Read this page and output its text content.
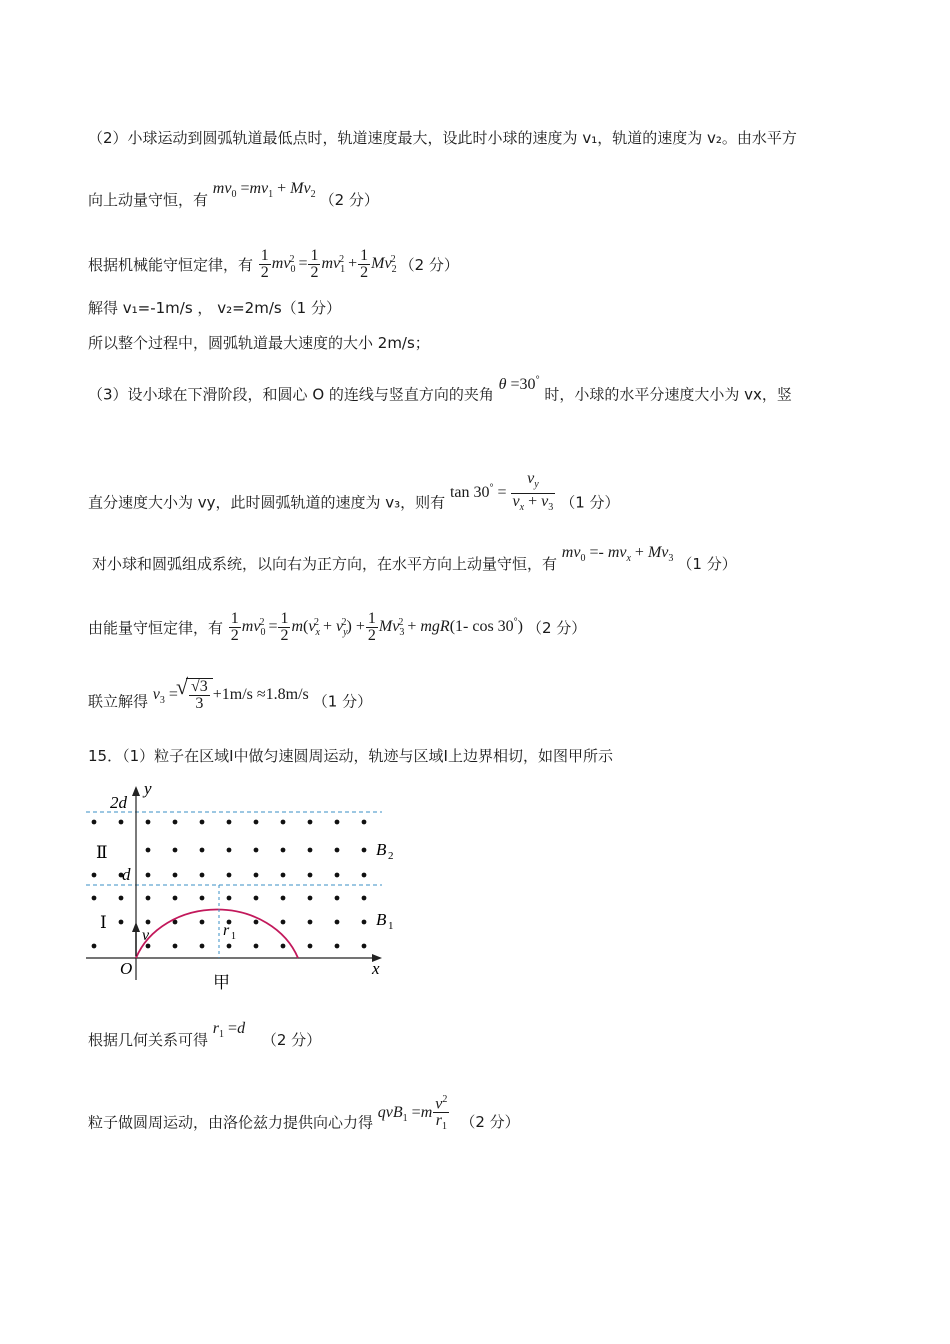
（2）小球运动到圆弧轨道最低点时，轨道速度最大，设此时小球的速度为 v₁，轨道的速度为 v₂。由水平方
向上动量守恒，有 $mv_0 =mv_1 + Mv_2$ （2 分）
根据机械能守恒定律，有 $\frac{1}{2} mv_0^2 = \frac{1}{2} mv_1^2 + \frac{1}{2} Mv_2^2$ （2 分）
解得 v₁=-1m/s ， v₂=2m/s（1 分）
所以整个过程中，圆弧轨道最大速度的大小 2m/s；
（3）设小球在下滑阶段，和圆心 O 的连线与竖直方向的夹角 θ =30° 时，小球的水平分速度大小为 vx，竖
直分速度大小为 vy，此时圆弧轨道的速度为 v₃，则有 $\tan 30^\circ = \frac{v_y}{v_x + v_3} (1$ 分）
对小球和圆弧组成系统，以向右为正方向，在水平方向上动量守恒，有 $mv_0 =- mv_x + Mv_3$ （1 分）
由能量守恒定律，有 $\frac{1}{2} mv_0^2 = \frac{1}{2} m(v_x^2 + v_y^2) + \frac{1}{2} Mv_3^2 + mgR(1-$ cos 30°) （2 分）
联立解得 $v_3$ =
√ $\frac{√3}{3} +1m/s \approx 1.8m/s$ （1 分）
15．（1）粒子在区域Ⅰ中做匀速圆周运动，轨迹与区域Ⅰ上边界相切，如图甲所示
2d
y
d
Ⅱ
Ⅰ
B 2
B 1
v	r 1
O	x
甲
根据几何关系可得 $r_1 =d$ （2 分）
粒子做圆周运动，由洛伦兹力提供向心力得 $qvB_1 =m \frac{v^2}{r_1} (2$ 分）
